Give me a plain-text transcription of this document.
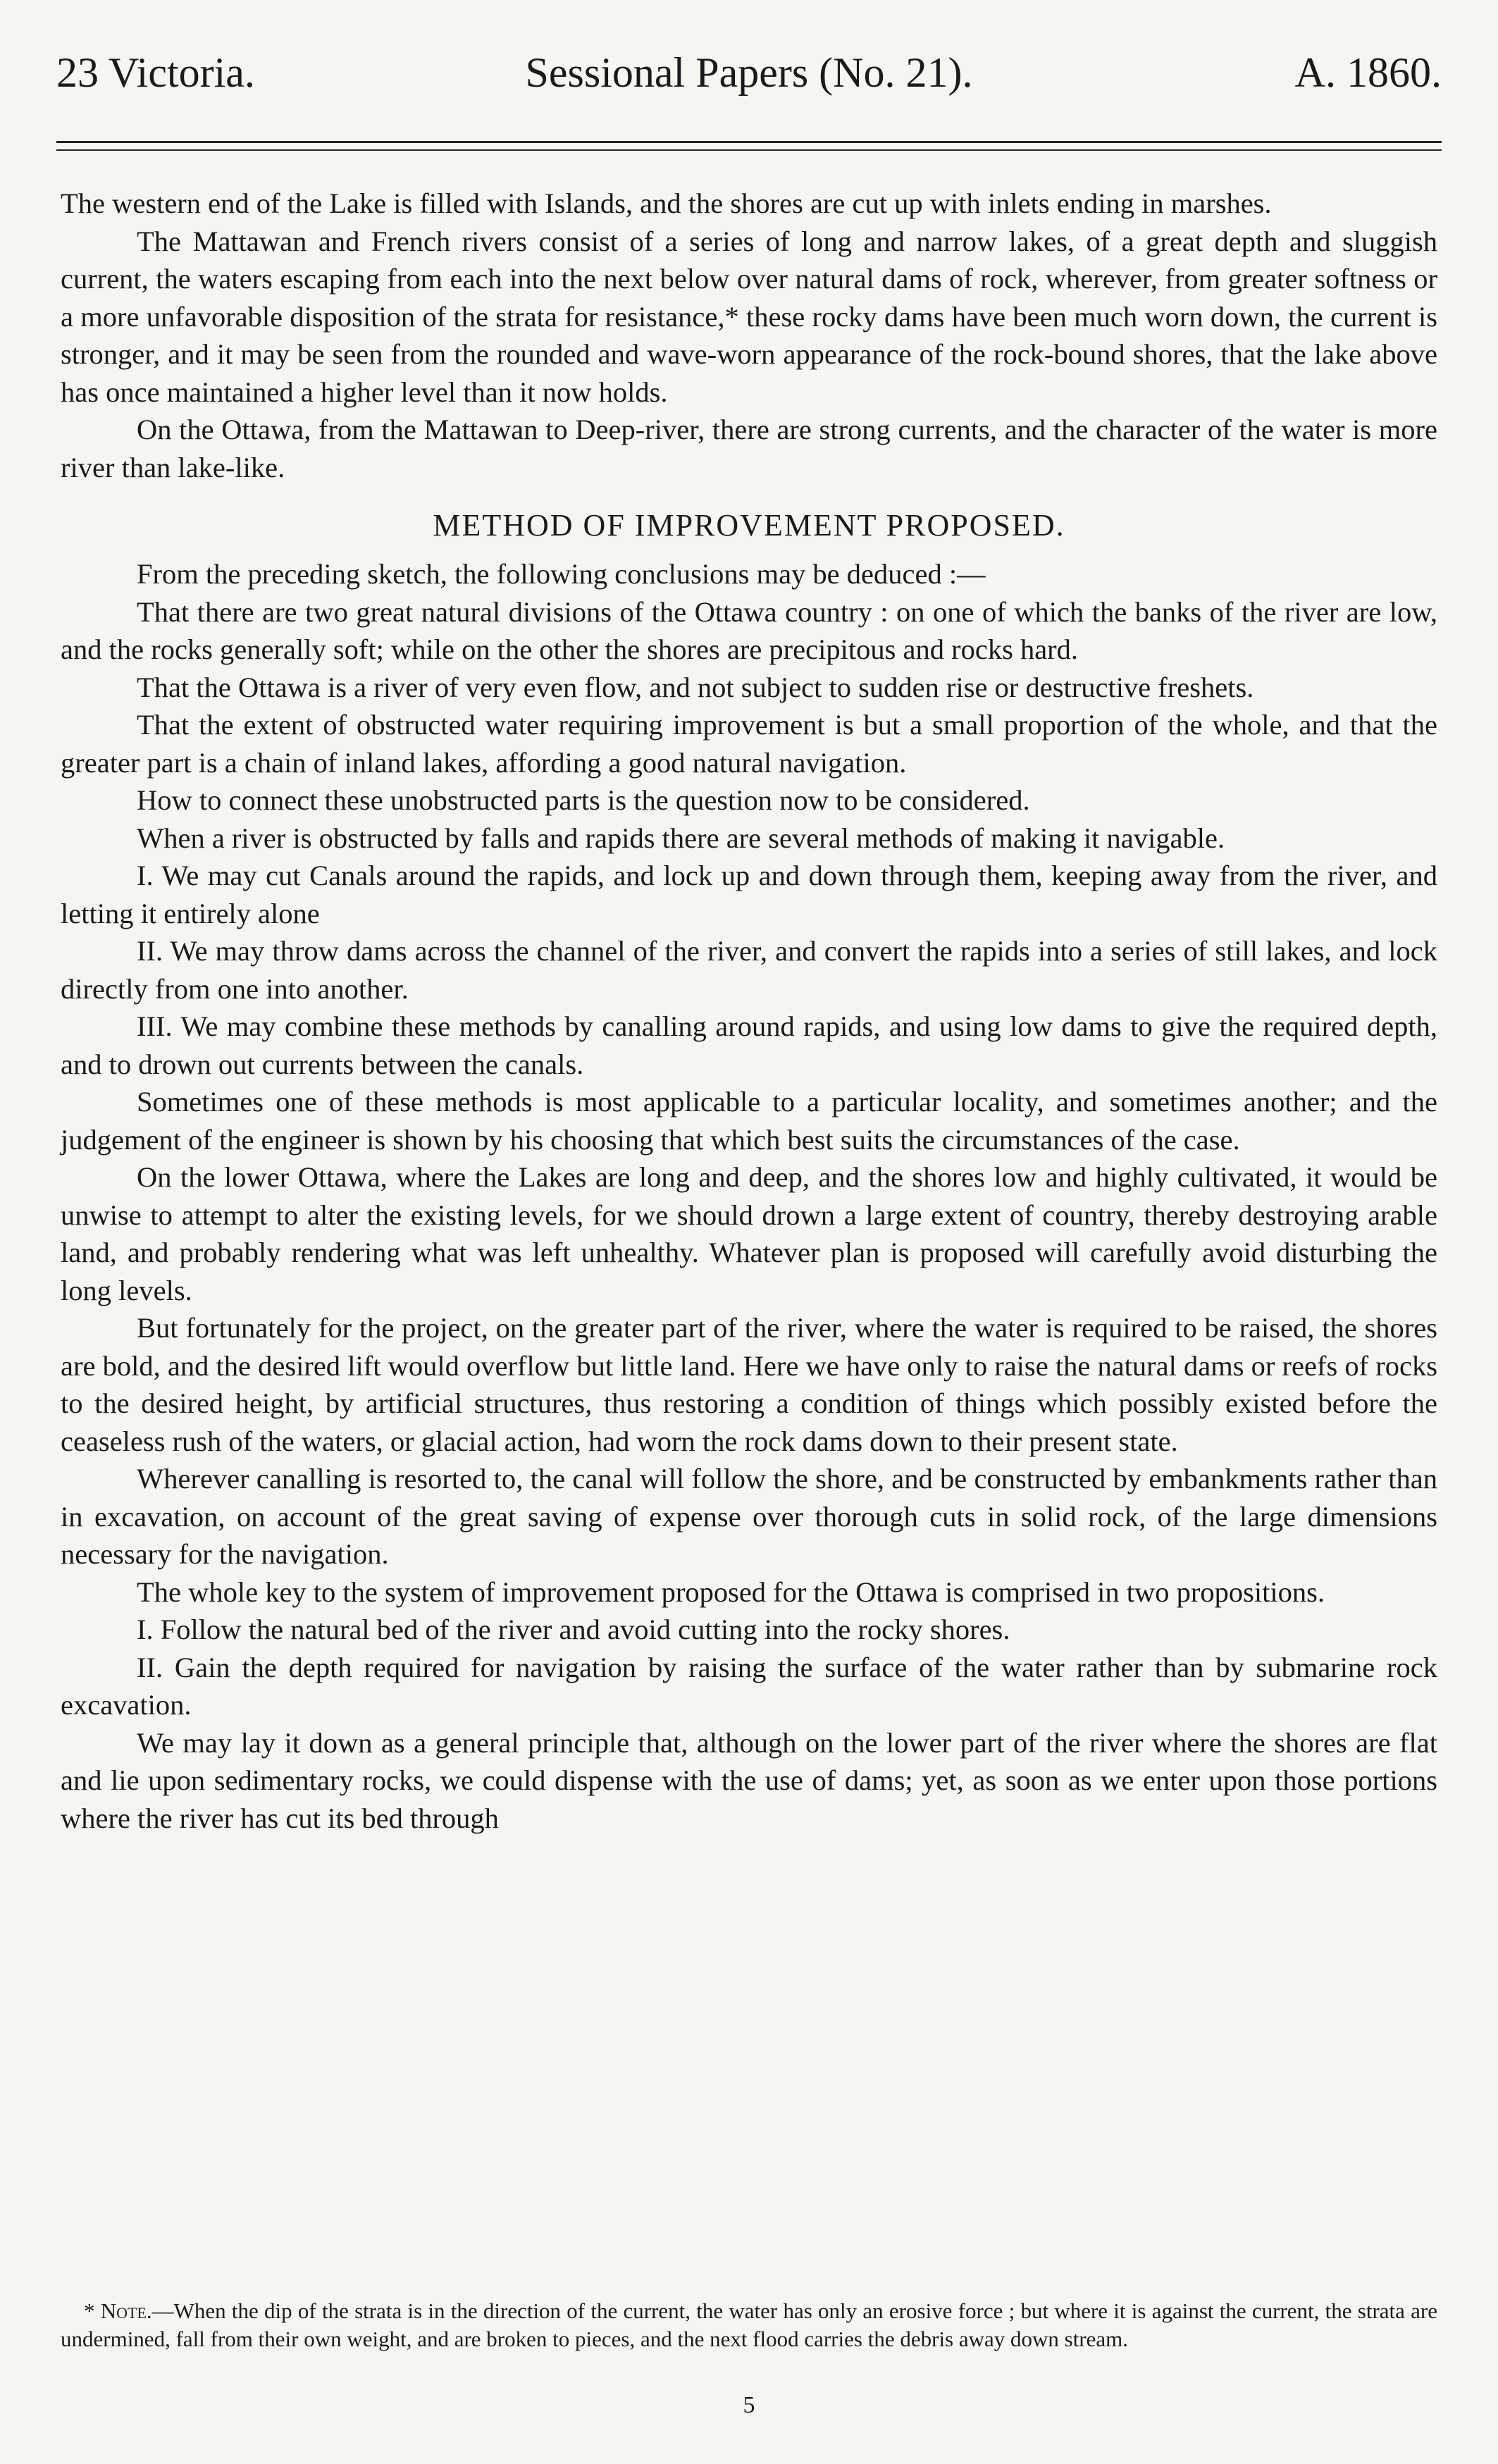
23 Victoria.	Sessional Papers (No. 21).	A. 1860.

The western end of the Lake is filled with Islands, and the shores are cut up with inlets ending in marshes.

The Mattawan and French rivers consist of a series of long and narrow lakes, of a great depth and sluggish current, the waters escaping from each into the next below over natural dams of rock, wherever, from greater softness or a more unfavorable disposition of the strata for resistance,* these rocky dams have been much worn down, the current is stronger, and it may be seen from the rounded and wave-worn appearance of the rock-bound shores, that the lake above has once maintained a higher level than it now holds.

On the Ottawa, from the Mattawan to Deep-river, there are strong currents, and the character of the water is more river than lake-like.

METHOD OF IMPROVEMENT PROPOSED.

From the preceding sketch, the following conclusions may be deduced :—

That there are two great natural divisions of the Ottawa country : on one of which the banks of the river are low, and the rocks generally soft; while on the other the shores are precipitous and rocks hard.

That the Ottawa is a river of very even flow, and not subject to sudden rise or destructive freshets.

That the extent of obstructed water requiring improvement is but a small proportion of the whole, and that the greater part is a chain of inland lakes, affording a good natural navigation.

How to connect these unobstructed parts is the question now to be considered.

When a river is obstructed by falls and rapids there are several methods of making it navigable.

I. We may cut Canals around the rapids, and lock up and down through them, keeping away from the river, and letting it entirely alone

II. We may throw dams across the channel of the river, and convert the rapids into a series of still lakes, and lock directly from one into another.

III. We may combine these methods by canalling around rapids, and using low dams to give the required depth, and to drown out currents between the canals.

Sometimes one of these methods is most applicable to a particular locality, and sometimes another; and the judgement of the engineer is shown by his choosing that which best suits the circumstances of the case.

On the lower Ottawa, where the Lakes are long and deep, and the shores low and highly cultivated, it would be unwise to attempt to alter the existing levels, for we should drown a large extent of country, thereby destroying arable land, and probably rendering what was left unhealthy. Whatever plan is proposed will carefully avoid disturbing the long levels.

But fortunately for the project, on the greater part of the river, where the water is required to be raised, the shores are bold, and the desired lift would overflow but little land. Here we have only to raise the natural dams or reefs of rocks to the desired height, by artificial structures, thus restoring a condition of things which possibly existed before the ceaseless rush of the waters, or glacial action, had worn the rock dams down to their present state.

Wherever canalling is resorted to, the canal will follow the shore, and be constructed by embankments rather than in excavation, on account of the great saving of expense over thorough cuts in solid rock, of the large dimensions necessary for the navigation.

The whole key to the system of improvement proposed for the Ottawa is comprised in two propositions.

I. Follow the natural bed of the river and avoid cutting into the rocky shores.

II. Gain the depth required for navigation by raising the surface of the water rather than by submarine rock excavation.

We may lay it down as a general principle that, although on the lower part of the river where the shores are flat and lie upon sedimentary rocks, we could dispense with the use of dams; yet, as soon as we enter upon those portions where the river has cut its bed through

* Note.—When the dip of the strata is in the direction of the current, the water has only an erosive force ; but where it is against the current, the strata are undermined, fall from their own weight, and are broken to pieces, and the next flood carries the debris away down stream.
5
